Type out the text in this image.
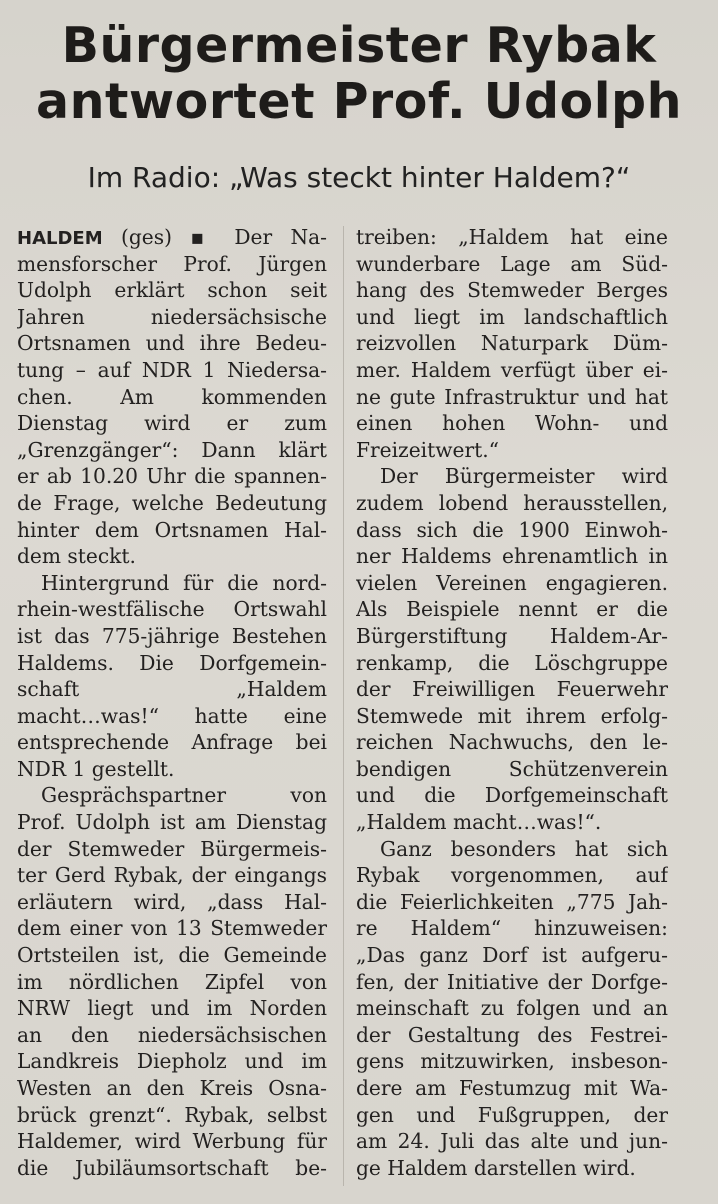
Bürgermeister Rybak
antwortet Prof. Udolph
Im Radio: „Was steckt hinter Haldem?“
HALDEM (ges) ▪ Der Na-
mensforscher Prof. Jürgen
Udolph erklärt schon seit
Jahren niedersächsische
Ortsnamen und ihre Bedeu-
tung – auf NDR 1 Niedersa-
chen. Am kommenden
Dienstag wird er zum
„Grenzgänger“: Dann klärt
er ab 10.20 Uhr die spannen-
de Frage, welche Bedeutung
hinter dem Ortsnamen Hal-
dem steckt.
Hintergrund für die nord-
rhein-westfälische Ortswahl
ist das 775-jährige Bestehen
Haldems. Die Dorfgemein-
schaft „Haldem
macht…was!“ hatte eine
entsprechende Anfrage bei
NDR 1 gestellt.
Gesprächspartner von
Prof. Udolph ist am Dienstag
der Stemweder Bürgermeis-
ter Gerd Rybak, der eingangs
erläutern wird, „dass Hal-
dem einer von 13 Stemweder
Ortsteilen ist, die Gemeinde
im nördlichen Zipfel von
NRW liegt und im Norden
an den niedersächsischen
Landkreis Diepholz und im
Westen an den Kreis Osna-
brück grenzt“. Rybak, selbst
Haldemer, wird Werbung für
die Jubiläumsortschaft be-
treiben: „Haldem hat eine
wunderbare Lage am Süd-
hang des Stemweder Berges
und liegt im landschaftlich
reizvollen Naturpark Düm-
mer. Haldem verfügt über ei-
ne gute Infrastruktur und hat
einen hohen Wohn- und
Freizeitwert.“
Der Bürgermeister wird
zudem lobend herausstellen,
dass sich die 1900 Einwoh-
ner Haldems ehrenamtlich in
vielen Vereinen engagieren.
Als Beispiele nennt er die
Bürgerstiftung Haldem-Ar-
renkamp, die Löschgruppe
der Freiwilligen Feuerwehr
Stemwede mit ihrem erfolg-
reichen Nachwuchs, den le-
bendigen Schützenverein
und die Dorfgemeinschaft
„Haldem macht…was!“.
Ganz besonders hat sich
Rybak vorgenommen, auf
die Feierlichkeiten „775 Jah-
re Haldem“ hinzuweisen:
„Das ganz Dorf ist aufgeru-
fen, der Initiative der Dorfge-
meinschaft zu folgen und an
der Gestaltung des Festrei-
gens mitzuwirken, insbeson-
dere am Festumzug mit Wa-
gen und Fußgruppen, der
am 24. Juli das alte und jun-
ge Haldem darstellen wird.
